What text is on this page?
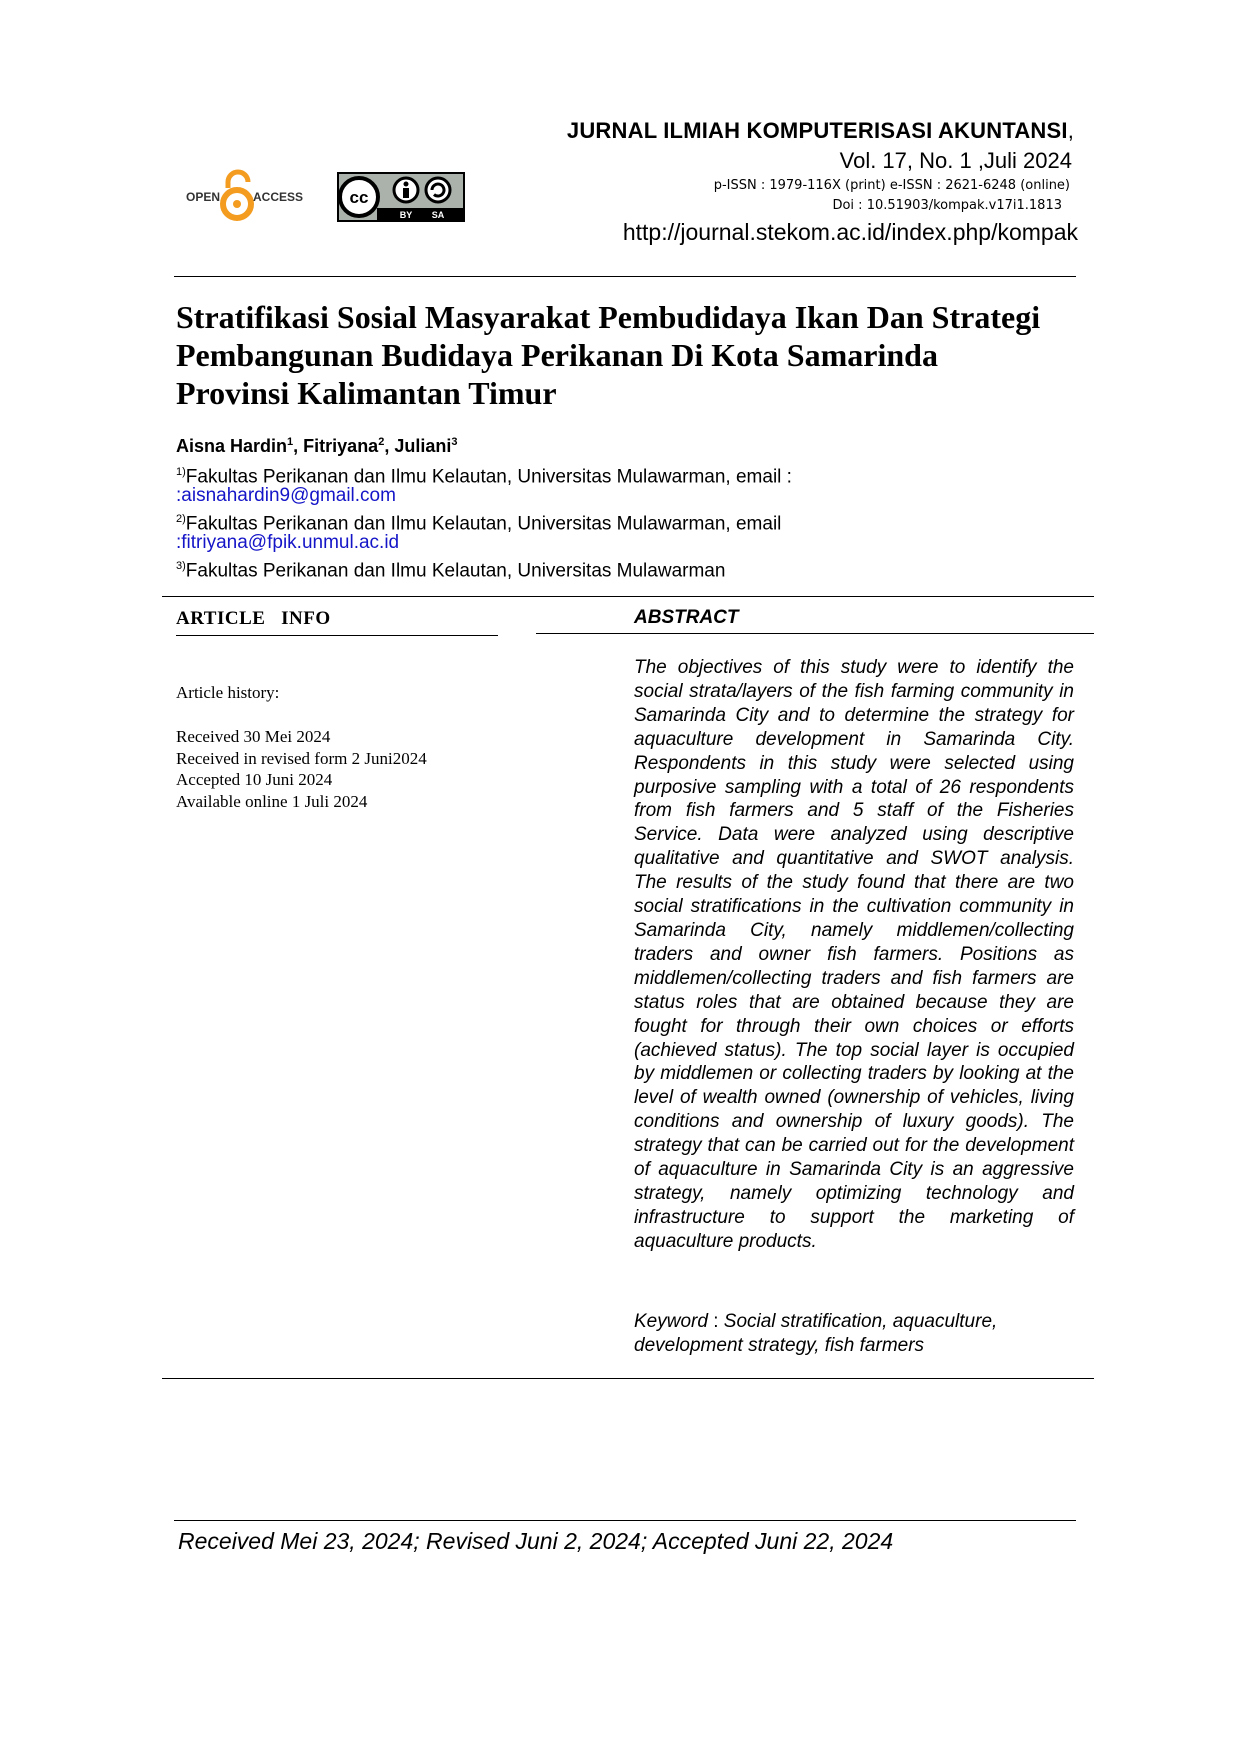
JURNAL ILMIAH KOMPUTERISASI AKUNTANSI,
Vol. 17, No. 1 ,Juli 2024
p-ISSN : 1979-116X (print) e-ISSN : 2621-6248 (online)
Doi : 10.51903/kompak.v17i1.1813
http://journal.stekom.ac.id/index.php/kompak
OPEN	ACCESS	cc
BY SA
Stratifikasi Sosial Masyarakat Pembudidaya Ikan Dan Strategi
Pembangunan Budidaya Perikanan Di Kota Samarinda
Provinsi Kalimantan Timur
Aisna Hardin$^1$, Fitriyana$^2$, Juliani$^3$
$^{1)}$Fakultas Perikanan dan Ilmu Kelautan, Universitas Mulawarman, email :
:aisnahardin9@gmail.com
$^{2)}$Fakultas Perikanan dan Ilmu Kelautan, Universitas Mulawarman, email
:fitriyana@fpik.unmul.ac.id
$^{3)}$Fakultas Perikanan dan Ilmu Kelautan, Universitas Mulawarman
ARTICLE   INFO
Article history:
Received 30 Mei 2024
Received in revised form 2 Juni2024
Accepted 10 Juni 2024
Available online 1 Juli 2024
ABSTRACT
The objectives of this study were to identify the social strata/layers of the fish farming community in Samarinda City and to determine the strategy for aquaculture development in Samarinda City. Respondents in this study were selected using purposive sampling with a total of 26 respondents from fish farmers and 5 staff of the Fisheries Service. Data were analyzed using descriptive qualitative and quantitative and SWOT analysis. The results of the study found that there are two social stratifications in the cultivation community in Samarinda City, namely middlemen/collecting traders and owner fish farmers. Positions as middlemen/collecting traders and fish farmers are status roles that are obtained because they are fought for through their own choices or efforts (achieved status). The top social layer is occupied by middlemen or collecting traders by looking at the level of wealth owned (ownership of vehicles, living conditions and ownership of luxury goods). The strategy that can be carried out for the development of aquaculture in Samarinda City is an aggressive strategy, namely optimizing technology and infrastructure to support the marketing of aquaculture products.
Keyword : Social stratification, aquaculture, development strategy, fish farmers
Received Mei 23, 2024; Revised Juni 2, 2024; Accepted Juni 22, 2024
